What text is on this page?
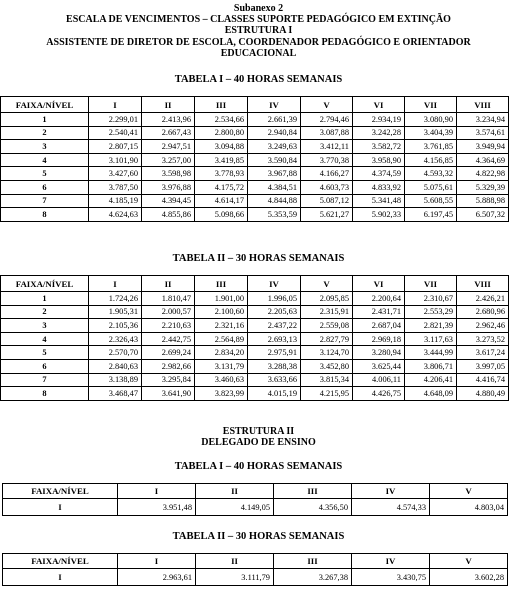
Subanexo 2
ESCALA DE VENCIMENTOS – CLASSES SUPORTE PEDAGÓGICO EM EXTINÇÃO
ESTRUTURA I
ASSISTENTE DE DIRETOR DE ESCOLA, COORDENADOR PEDAGÓGICO E ORIENTADOR
EDUCACIONAL
TABELA I – 40 HORAS SEMANAIS
FAIXA/NÍVEL	I	II	III	IV	V	VI	VII	VIII
1	2.299,01	2.413,96	2.534,66	2.661,39	2.794,46	2.934,19	3.080,90	3.234,94
2	2.540,41	2.667,43	2.800,80	2.940,84	3.087,88	3.242,28	3.404,39	3.574,61
3	2.807,15	2.947,51	3.094,88	3.249,63	3.412,11	3.582,72	3.761,85	3.949,94
4	3.101,90	3.257,00	3.419,85	3.590,84	3.770,38	3.958,90	4.156,85	4.364,69
5	3.427,60	3.598,98	3.778,93	3.967,88	4.166,27	4.374,59	4.593,32	4.822,98
6	3.787,50	3.976,88	4.175,72	4.384,51	4.603,73	4.833,92	5.075,61	5.329,39
7	4.185,19	4.394,45	4.614,17	4.844,88	5.087,12	5.341,48	5.608,55	5.888,98
8	4.624,63	4.855,86	5.098,66	5.353,59	5.621,27	5.902,33	6.197,45	6.507,32
TABELA II – 30 HORAS SEMANAIS
FAIXA/NÍVEL	I	II	III	IV	V	VI	VII	VIII
1	1.724,26	1.810,47	1.901,00	1.996,05	2.095,85	2.200,64	2.310,67	2.426,21
2	1.905,31	2.000,57	2.100,60	2.205,63	2.315,91	2.431,71	2.553,29	2.680,96
3	2.105,36	2.210,63	2.321,16	2.437,22	2.559,08	2.687,04	2.821,39	2.962,46
4	2.326,43	2.442,75	2.564,89	2.693,13	2.827,79	2.969,18	3.117,63	3.273,52
5	2.570,70	2.699,24	2.834,20	2.975,91	3.124,70	3.280,94	3.444,99	3.617,24
6	2.840,63	2.982,66	3.131,79	3.288,38	3.452,80	3.625,44	3.806,71	3.997,05
7	3.138,89	3.295,84	3.460,63	3.633,66	3.815,34	4.006,11	4.206,41	4.416,74
8	3.468,47	3.641,90	3.823,99	4.015,19	4.215,95	4.426,75	4.648,09	4.880,49
ESTRUTURA II
DELEGADO DE ENSINO
TABELA I – 40 HORAS SEMANAIS
FAIXA/NÍVEL	I	II	III	IV	V
I	3.951,48	4.149,05	4.356,50	4.574,33	4.803,04
TABELA II – 30 HORAS SEMANAIS
FAIXA/NÍVEL	I	II	III	IV	V
I	2.963,61	3.111,79	3.267,38	3.430,75	3.602,28
